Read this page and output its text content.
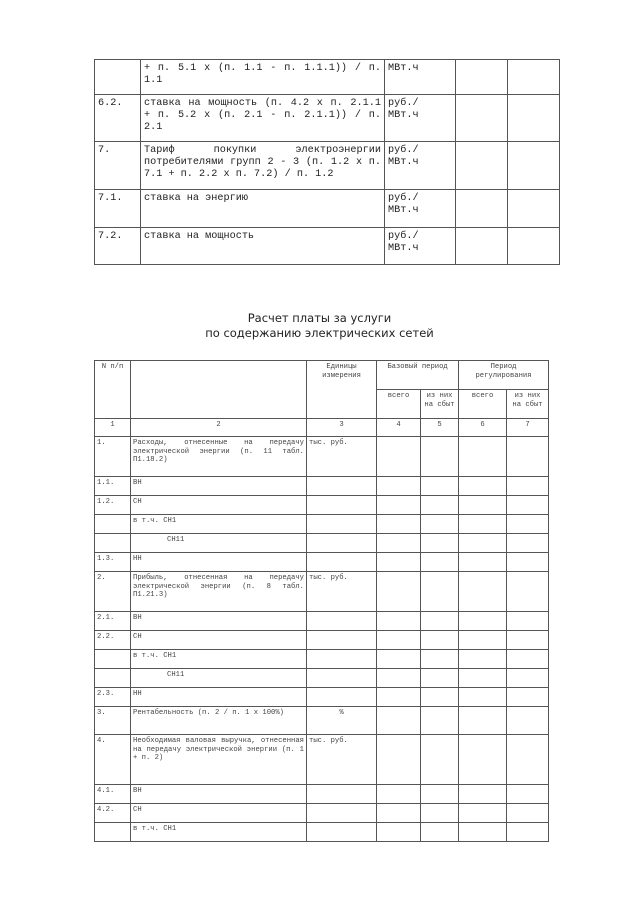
	+ п. 5.1 x (п. 1.1 - п. 1.1.1)) / п. 1.1	МВт.ч		
6.2.	ставка на мощность (п. 4.2 x п. 2.1.1 + п. 5.2 x (п. 2.1 - п. 2.1.1)) / п. 2.1	руб./ МВт.ч		
7.	Тариф покупки электроэнергии потребителями групп 2 - 3 (п. 1.2 x п. 7.1 + п. 2.2 x п. 7.2) / п. 1.2	руб./ МВт.ч		
7.1.	ставка на энергию	руб./ МВт.ч		
7.2.	ставка на мощность	руб./ МВт.ч		
Расчет платы за услуги
по содержанию электрических сетей
N п/п		Единицы измерения	Базовый период		Период регулирования	
			всего	из них на сбыт	всего	из них на сбыт
1	2	3	4	5	6	7
1.	Расходы, отнесенные на передачу электрической энергии (п. 11 табл. П1.18.2)	тыс. руб.				
1.1.	ВН					
1.2.	СН					
	в т.ч. СН1					
	СН11					
1.3.	НН					
2.	Прибыль, отнесенная на передачу электрической энергии (п. 8 табл. П1.21.3)	тыс. руб.				
2.1.	ВН					
2.2.	СН					
	в т.ч. СН1					
	СН11					
2.3.	НН					
3.	Рентабельность (п. 2 / п. 1 x 100%)	%				
4.	Необходимая валовая выручка, отнесенная на передачу электрической энергии (п. 1 + п. 2)	тыс. руб.				
4.1.	ВН					
4.2.	СН					
	в т.ч. СН1					
